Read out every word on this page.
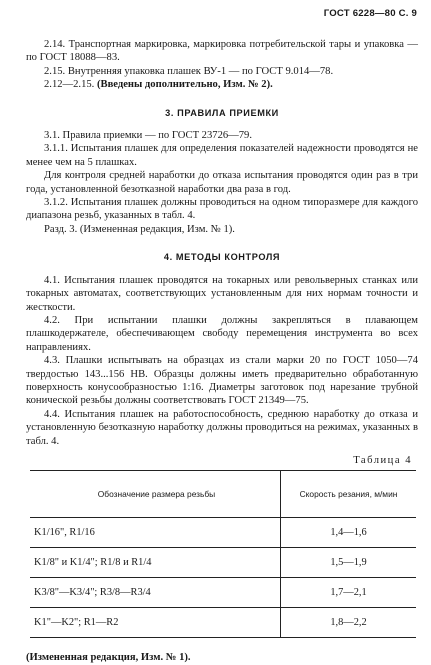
ГОСТ 6228—80 С. 9

2.14. Транспортная маркировка, маркировка потребительской тары и упаковка — по ГОСТ 18088—83.

2.15. Внутренняя упаковка плашек ВУ-1 — по ГОСТ 9.014—78.

2.12—2.15. (Введены дополнительно, Изм. № 2).

3. ПРАВИЛА ПРИЕМКИ

3.1. Правила приемки — по ГОСТ 23726—79.

3.1.1. Испытания плашек для определения показателей надежности проводятся не менее чем на 5 плашках.

Для контроля средней наработки до отказа испытания проводятся один раз в три года, установленной безотказной наработки два раза в год.

3.1.2. Испытания плашек должны проводиться на одном типоразмере для каждого диапазона резьб, указанных в табл. 4.

Разд. 3. (Измененная редакция, Изм. № 1).

4. МЕТОДЫ КОНТРОЛЯ

4.1. Испытания плашек проводятся на токарных или револьверных станках или токарных автоматах, соответствующих установленным для них нормам точности и жесткости.

4.2. При испытании плашки должны закрепляться в плавающем плашкодержателе, обеспечивающем свободу перемещения инструмента во всех направлениях.

4.3. Плашки испытывать на образцах из стали марки 20 по ГОСТ 1050—74 твердостью 143...156 НВ. Образцы должны иметь предварительно обработанную поверхность конусообразностью 1:16. Диаметры заготовок под нарезание трубной конической резьбы должны соответствовать ГОСТ 21349—75.

4.4. Испытания плашек на работоспособность, среднюю наработку до отказа и установленную безотказную наработку должны проводиться на режимах, указанных в табл. 4.

Таблица 4
Обозначение размера резьбы	Скорость резания, м/мин
K1/16", R1/16	1,4—1,6
K1/8" и K1/4"; R1/8 и R1/4	1,5—1,9
K3/8"—K3/4"; R3/8—R3/4	1,7—2,1
K1"—K2"; R1—R2	1,8—2,2

(Измененная редакция, Изм. № 1).
